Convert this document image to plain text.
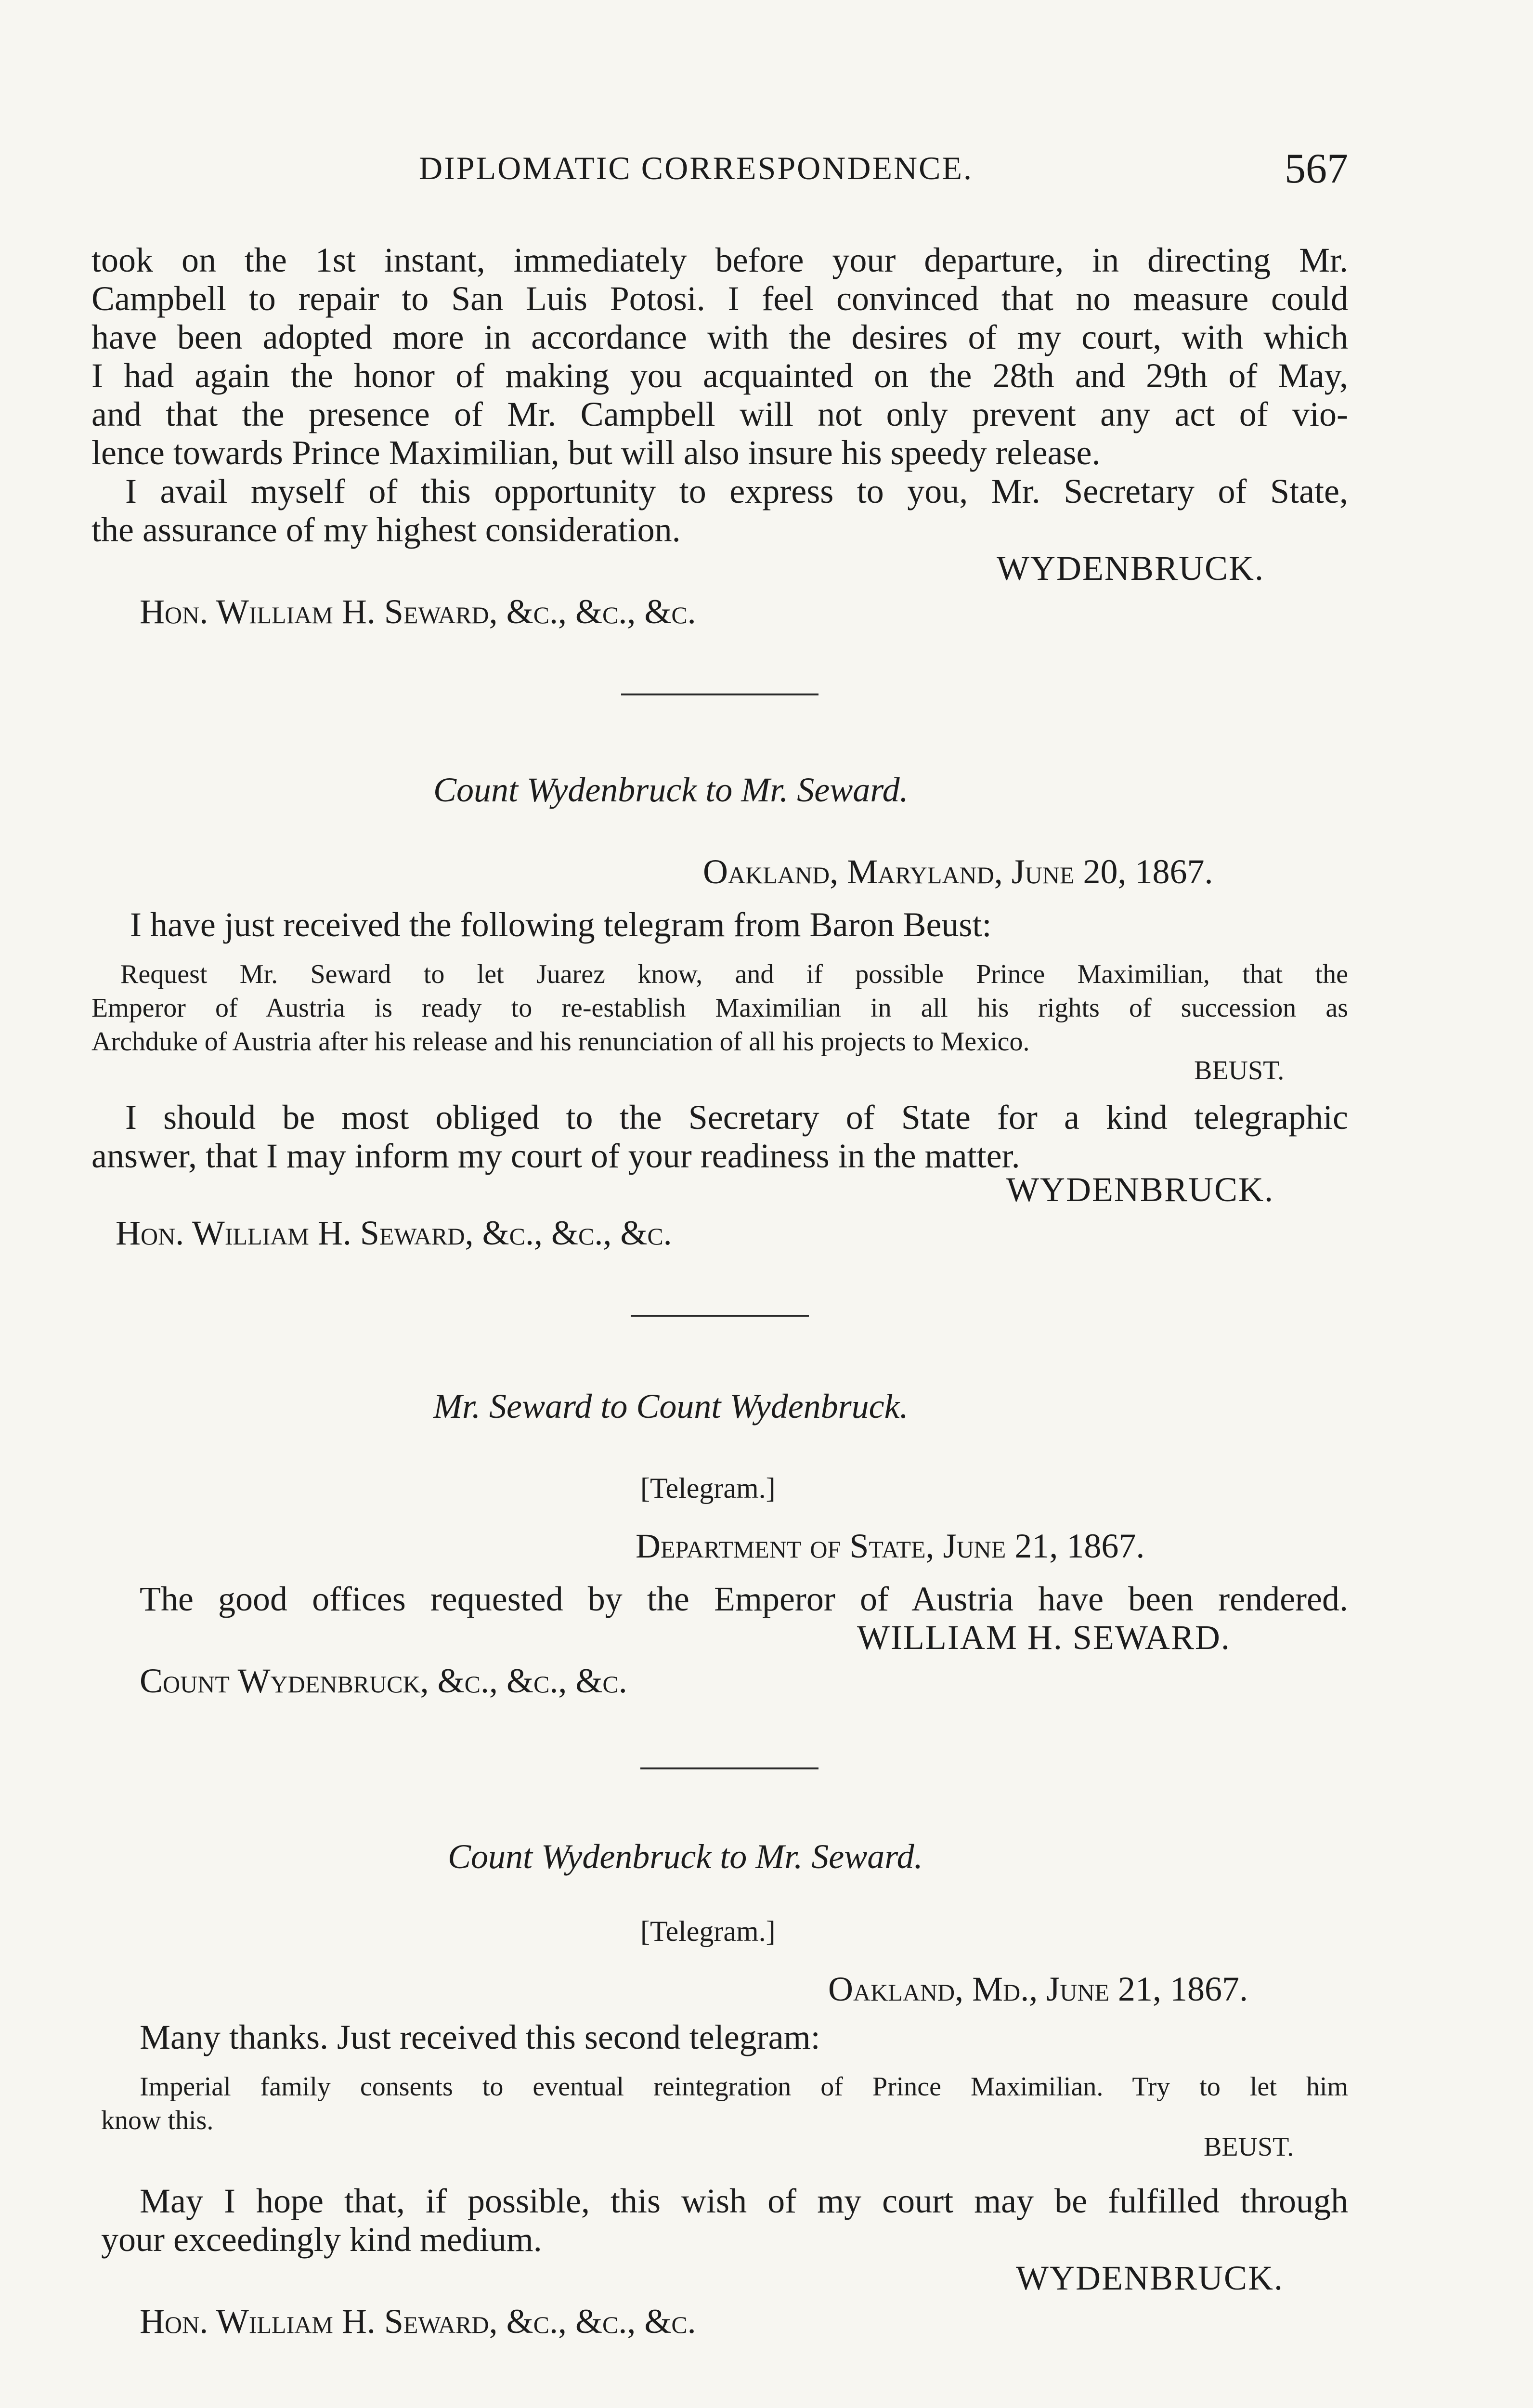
DIPLOMATIC CORRESPONDENCE.	567
took on the 1st instant, immediately before your departure, in directing Mr.
Campbell to repair to San Luis Potosi. I feel convinced that no measure could
have been adopted more in accordance with the desires of my court, with which
I had again the honor of making you acquainted on the 28th and 29th of May,
and that the presence of Mr. Campbell will not only prevent any act of vio-
lence towards Prince Maximilian, but will also insure his speedy release.
I avail myself of this opportunity to express to you, Mr. Secretary of State,
the assurance of my highest consideration.
WYDENBRUCK.
Hon. William H. Seward, &c., &c., &c.
Count Wydenbruck to Mr. Seward.
Oakland, Maryland, June 20, 1867.
I have just received the following telegram from Baron Beust:
Request Mr. Seward to let Juarez know, and if possible Prince Maximilian, that the
Emperor of Austria is ready to re-establish Maximilian in all his rights of succession as
Archduke of Austria after his release and his renunciation of all his projects to Mexico.
BEUST.
I should be most obliged to the Secretary of State for a kind telegraphic
answer, that I may inform my court of your readiness in the matter.
WYDENBRUCK.
Hon. William H. Seward, &c., &c., &c.
Mr. Seward to Count Wydenbruck.
[Telegram.]
Department of State, June 21, 1867.
The good offices requested by the Emperor of Austria have been rendered.
WILLIAM H. SEWARD.
Count Wydenbruck, &c., &c., &c.
Count Wydenbruck to Mr. Seward.
[Telegram.]
Oakland, Md., June 21, 1867.
Many thanks. Just received this second telegram:
Imperial family consents to eventual reintegration of Prince Maximilian. Try to let him
know this.
BEUST.
May I hope that, if possible, this wish of my court may be fulfilled through
your exceedingly kind medium.
WYDENBRUCK.
Hon. William H. Seward, &c., &c., &c.
